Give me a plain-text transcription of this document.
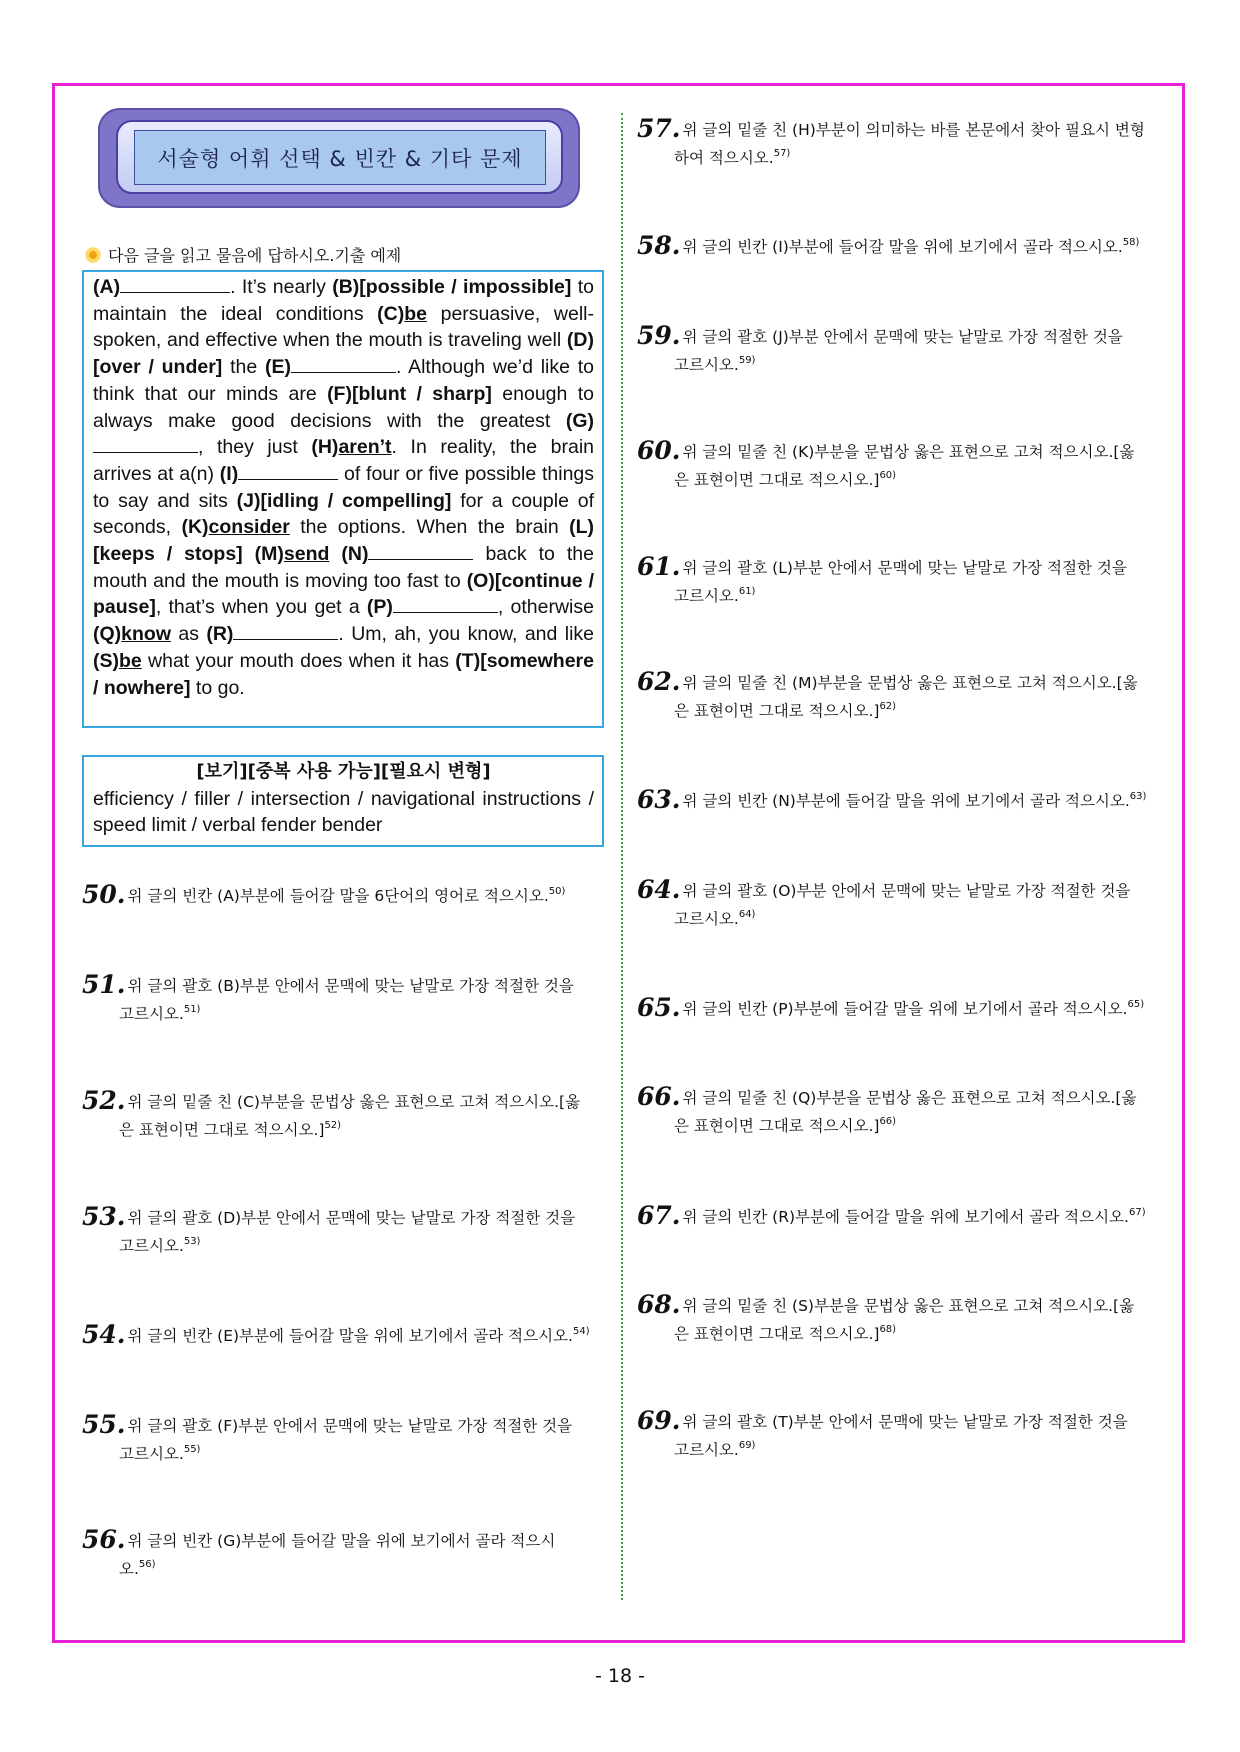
서술형 어휘 선택 & 빈칸 & 기타 문제
다음 글을 읽고 물음에 답하시오.기출 예제
(A)	. It’s nearly (B)[possible / impossible] to maintain the ideal conditions (C)be persuasive, well-spoken, and effective when the mouth is traveling well (D)[over / under] the (E)	. Although we’d like to think that our minds are (F)[blunt / sharp] enough to always make good decisions with the greatest (G), they just (H)aren’t. In reality, the brain arrives at a(n) (I)	of four or five possible things to say and sits (J)[idling / compelling] for a couple of seconds, (K)consider the options. When the brain (L)[keeps / stops] (M)send (N)	back to the mouth and the mouth is moving too fast to (O)[continue / pause], that’s when you get a (P)	, otherwise (Q)know as (R)	. Um, ah, you know, and like (S)be what your mouth does when it has (T)[somewhere / nowhere] to go.
[보기][중복 사용 가능][필요시 변형]
efficiency / filler / intersection / navigational instructions / speed limit / verbal fender bender
50. 위 글의 빈칸 (A)부분에 들어갈 말을 6단어의 영어로 적으시오.$^{50)}$
51. 위 글의 괄호 (B)부분 안에서 문맥에 맞는 낱말로 가장 적절한 것을
고르시오.$^{51)}$
52. 위 글의 밑줄 친 (C)부분을 문법상 옳은 표현으로 고쳐 적으시오.[옳
은 표현이면 그대로 적으시오.]$^{52)}$
53. 위 글의 괄호 (D)부분 안에서 문맥에 맞는 낱말로 가장 적절한 것을
고르시오.$^{53)}$
54. 위 글의 빈칸 (E)부분에 들어갈 말을 위에 보기에서 골라 적으시오.$^{54)}$
55. 위 글의 괄호 (F)부분 안에서 문맥에 맞는 낱말로 가장 적절한 것을
고르시오.$^{55)}$
56. 위 글의 빈칸 (G)부분에 들어갈 말을 위에 보기에서 골라 적으시
오.$^{56)}$
57. 위 글의 밑줄 친 (H)부분이 의미하는 바를 본문에서 찾아 필요시 변형
하여 적으시오.$^{57)}$
58. 위 글의 빈칸 (I)부분에 들어갈 말을 위에 보기에서 골라 적으시오.$^{58)}$
59. 위 글의 괄호 (J)부분 안에서 문맥에 맞는 낱말로 가장 적절한 것을
고르시오.$^{59)}$
60. 위 글의 밑줄 친 (K)부분을 문법상 옳은 표현으로 고쳐 적으시오.[옳
은 표현이면 그대로 적으시오.]$^{60)}$
61. 위 글의 괄호 (L)부분 안에서 문맥에 맞는 낱말로 가장 적절한 것을
고르시오.$^{61)}$
62. 위 글의 밑줄 친 (M)부분을 문법상 옳은 표현으로 고쳐 적으시오.[옳
은 표현이면 그대로 적으시오.]$^{62)}$
63. 위 글의 빈칸 (N)부분에 들어갈 말을 위에 보기에서 골라 적으시오.$^{63)}$
64. 위 글의 괄호 (O)부분 안에서 문맥에 맞는 낱말로 가장 적절한 것을
고르시오.$^{64)}$
65. 위 글의 빈칸 (P)부분에 들어갈 말을 위에 보기에서 골라 적으시오.$^{65)}$
66. 위 글의 밑줄 친 (Q)부분을 문법상 옳은 표현으로 고쳐 적으시오.[옳
은 표현이면 그대로 적으시오.]$^{66)}$
67. 위 글의 빈칸 (R)부분에 들어갈 말을 위에 보기에서 골라 적으시오.$^{67)}$
68. 위 글의 밑줄 친 (S)부분을 문법상 옳은 표현으로 고쳐 적으시오.[옳
은 표현이면 그대로 적으시오.]$^{68)}$
69. 위 글의 괄호 (T)부분 안에서 문맥에 맞는 낱말로 가장 적절한 것을
고르시오.$^{69)}$
- 18 -
